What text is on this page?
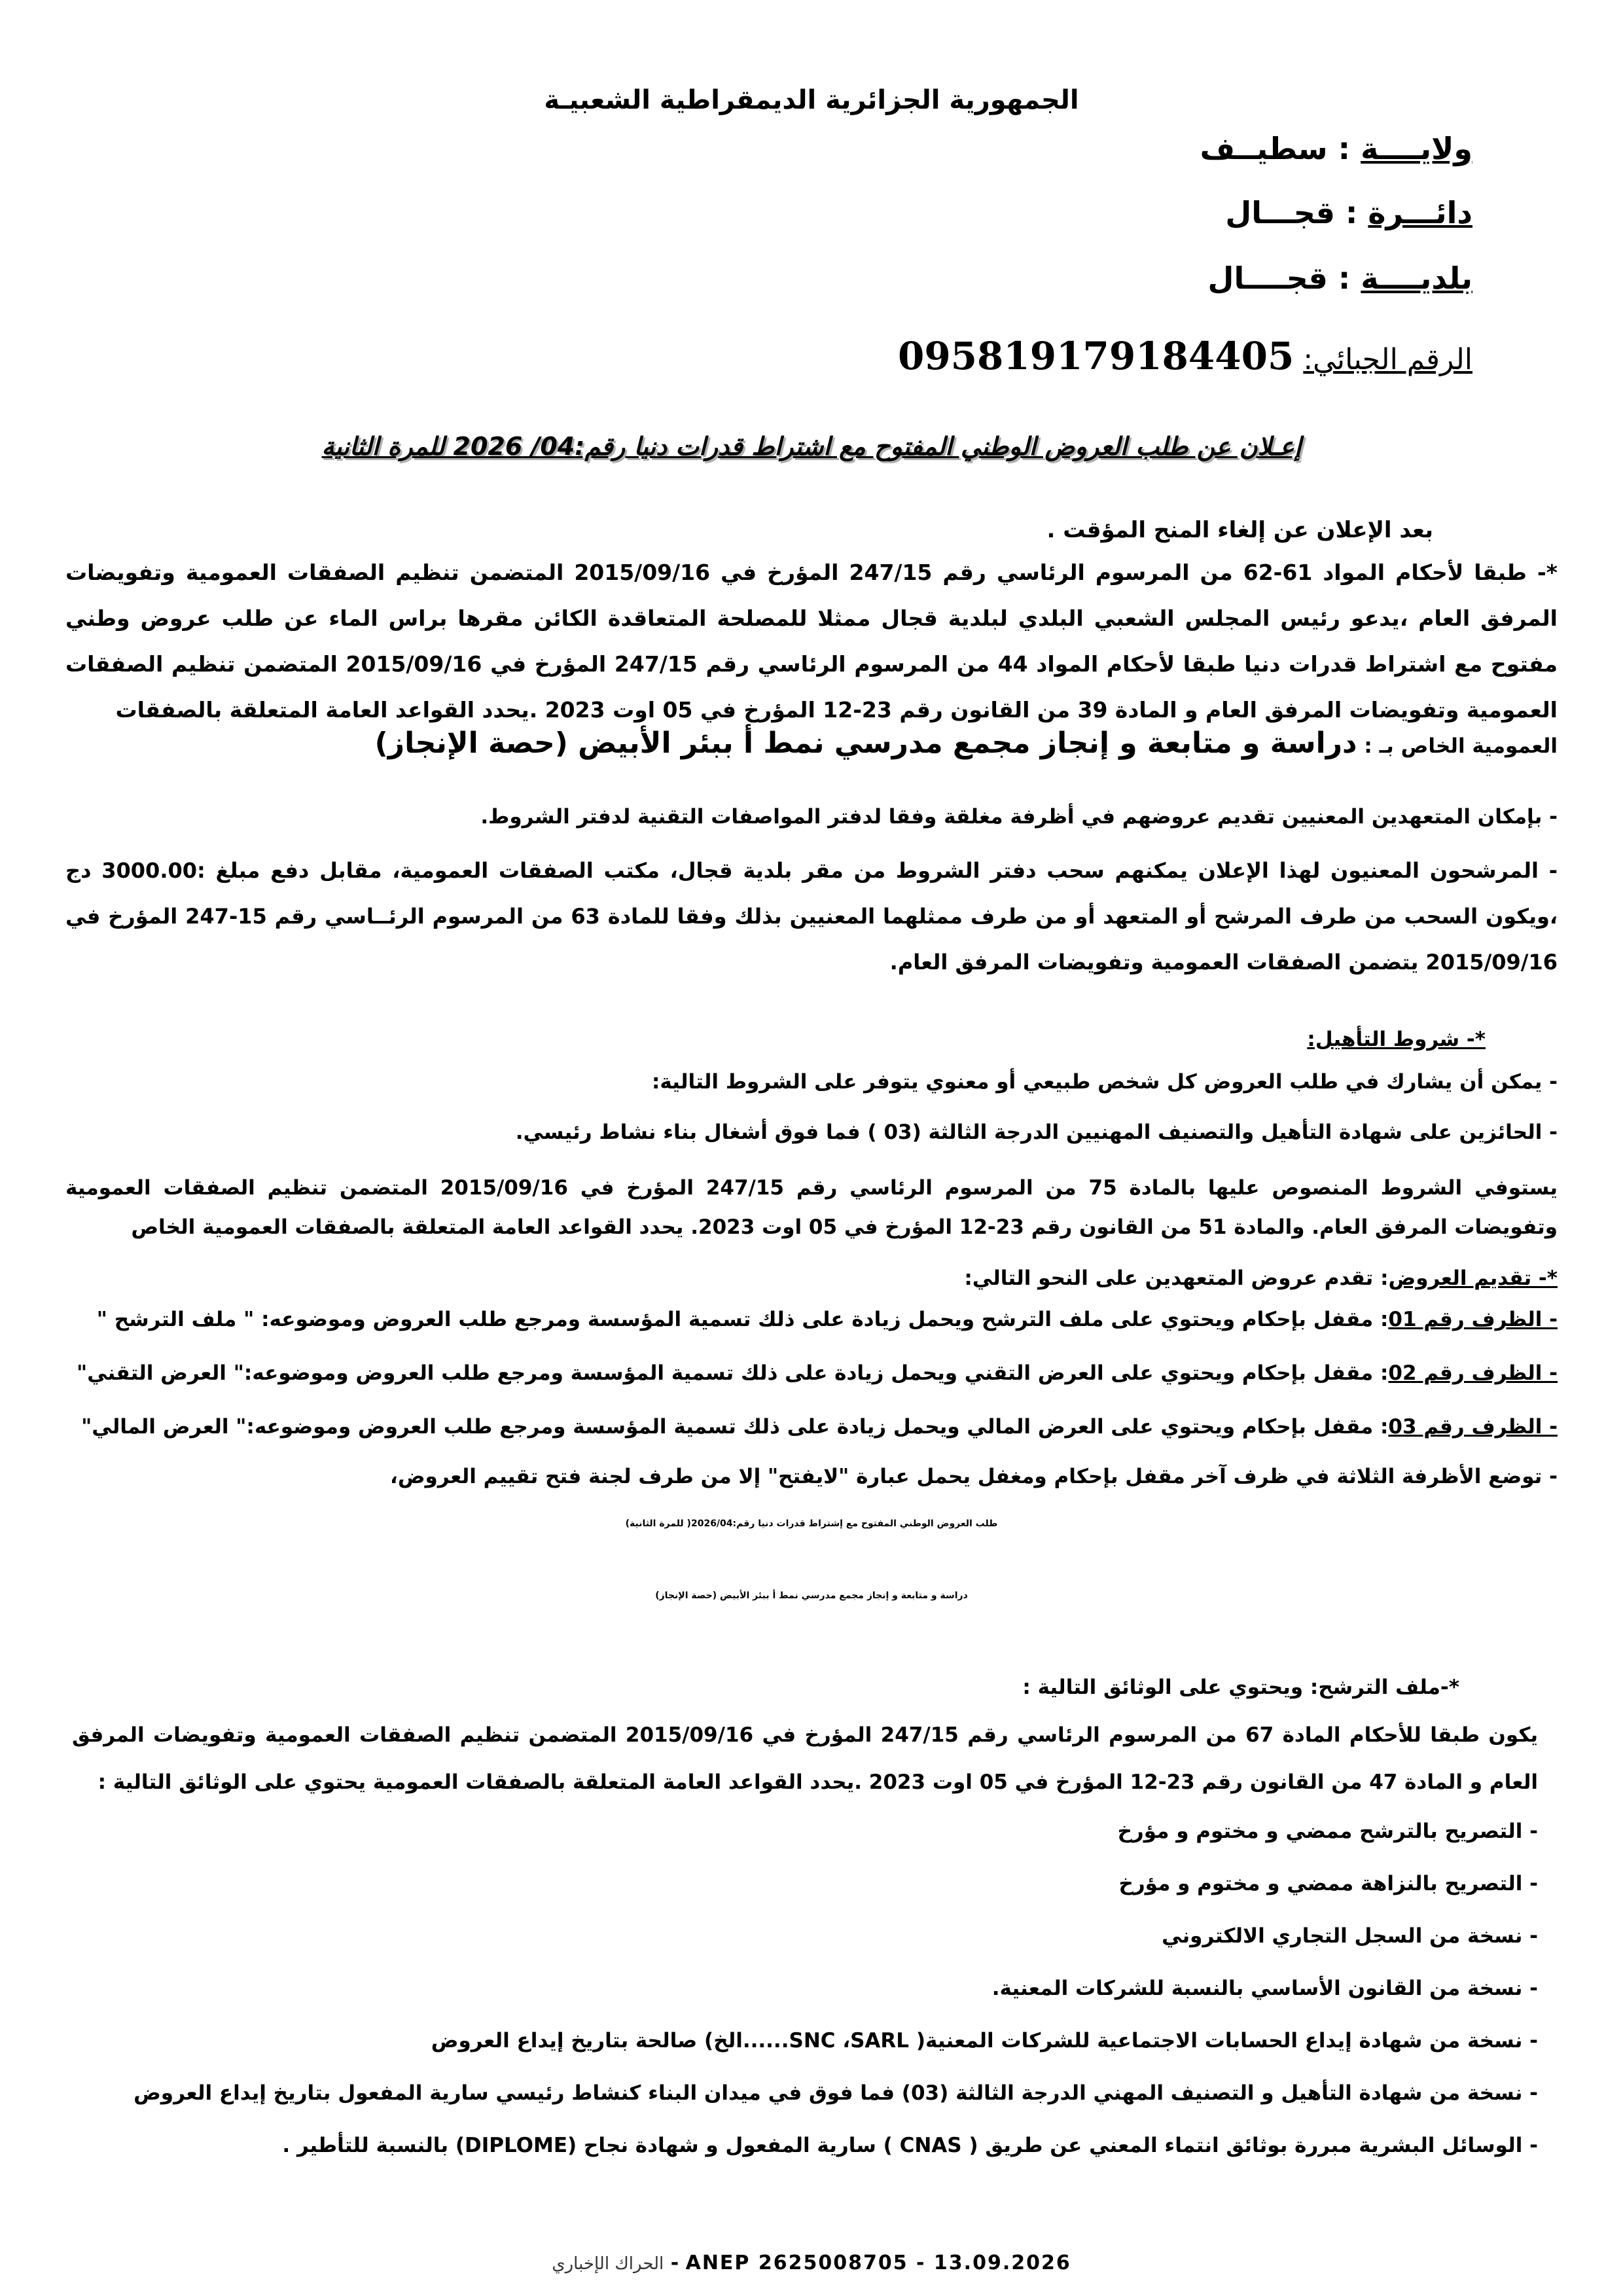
الجمهورية الجزائرية الديمقراطية الشعبيـة
ولايــــة : سطيــف
دائـــرة : قجـــال
بلديــــة : قجــــال
الرقم الجبائي: 095819179184405
إعـلان عن طلب العروض الوطني المفتوح مع اشتراط قدرات دنيا رقم:04/ 2026 للمرة الثانية
بعد الإعلان عن إلغاء المنح المؤقت .
*- طبقا لأحكام المواد 61-62 من المرسوم الرئاسي رقم 247/15 المؤرخ في 2015/09/16 المتضمن تنظيم الصفقات العمومية وتفويضات المرفق العام ،يدعو رئيس المجلس الشعبي البلدي لبلدية قجال ممثلا للمصلحة المتعاقدة الكائن مقرها براس الماء عن طلب عروض وطني مفتوح مع اشتراط قدرات دنيا طبقا لأحكام المواد 44 من المرسوم الرئاسي رقم 247/15 المؤرخ في 2015/09/16 المتضمن تنظيم الصفقات العمومية وتفويضات المرفق العام و المادة 39 من القانون رقم 23-12 المؤرخ في 05 اوت 2023 .يحدد القواعد العامة المتعلقة بالصفقات
العمومية الخاص بـ : دراسة و متابعة و إنجاز مجمع مدرسي نمط أ ببئر الأبيض (حصة الإنجاز)
- بإمكان المتعهدين المعنيين تقديم عروضهم في أظرفة مغلقة وفقا لدفتر المواصفات التقنية لدفتر الشروط.
- المرشحون المعنيون لهذا الإعلان يمكنهم سحب دفتر الشروط من مقر بلدية قجال، مكتب الصفقات العمومية، مقابل دفع مبلغ :3000.00 دج ،ويكون السحب من طرف المرشح أو المتعهد أو من طرف ممثلهما المعنيين بذلك وفقا للمادة 63 من المرسوم الرئــاسي رقم 15-247 المؤرخ في 2015/09/16 يتضمن الصفقات العمومية وتفويضات المرفق العام.
*- شروط التأهيل:
- يمكن أن يشارك في طلب العروض كل شخص طبيعي أو معنوي يتوفر على الشروط التالية:
- الحائزين على شهادة التأهيل والتصنيف المهنيين الدرجة الثالثة (03 ) فما فوق أشغال بناء نشاط رئيسي.
يستوفي الشروط المنصوص عليها بالمادة 75 من المرسوم الرئاسي رقم 247/15 المؤرخ في 2015/09/16 المتضمن تنظيم الصفقات العمومية وتفويضات المرفق العام. والمادة 51 من القانون رقم 23-12 المؤرخ في 05 اوت 2023. يحدد القواعد العامة المتعلقة بالصفقات العمومية الخاص
*- تقديم العروض: تقدم عروض المتعهدين على النحو التالي:
- الظرف رقم 01: مقفل بإحكام ويحتوي على ملف الترشح ويحمل زيادة على ذلك تسمية المؤسسة ومرجع طلب العروض وموضوعه: " ملف الترشح "
- الظرف رقم 02: مقفل بإحكام ويحتوي على العرض التقني ويحمل زيادة على ذلك تسمية المؤسسة ومرجع طلب العروض وموضوعه:" العرض التقني"
- الظرف رقم 03: مقفل بإحكام ويحتوي على العرض المالي ويحمل زيادة على ذلك تسمية المؤسسة ومرجع طلب العروض وموضوعه:" العرض المالي"
- توضع الأظرفة الثلاثة في ظرف آخر مقفل بإحكام ومغفل يحمل عبارة "لايفتح" إلا من طرف لجنة فتح تقييم العروض،
طلب العروض الوطني المفتوح مع إشتراط قدرات دنيا رقم:2026/04( للمرة الثانية)
دراسة و متابعة و إنجاز مجمع مدرسي نمط أ ببئر الأبيض (حصة الإنجاز)
*-ملف الترشح: ويحتوي على الوثائق التالية :
يكون طبقا للأحكام المادة 67 من المرسوم الرئاسي رقم 247/15 المؤرخ في 2015/09/16 المتضمن تنظيم الصفقات العمومية وتفويضات المرفق العام و المادة 47 من القانون رقم 23-12 المؤرخ في 05 اوت 2023 .يحدد القواعد العامة المتعلقة بالصفقات العمومية يحتوي على الوثائق التالية :
- التصريح بالترشح ممضي و مختوم و مؤرخ
- التصريح بالنزاهة ممضي و مختوم و مؤرخ
- نسخة من السجل التجاري الالكتروني
- نسخة من القانون الأساسي بالنسبة للشركات المعنية.
- نسخة من شهادة إيداع الحسابات الاجتماعية للشركات المعنية( SNC ،SARL......الخ) صالحة بتاريخ إيداع العروض
- نسخة من شهادة التأهيل و التصنيف المهني الدرجة الثالثة (03) فما فوق في ميدان البناء كنشاط رئيسي سارية المفعول بتاريخ إيداع العروض
- الوسائل البشرية مبررة بوثائق انتماء المعني عن طريق ( CNAS ) سارية المفعول و شهادة نجاح (DIPLOME) بالنسبة للتأطير .
الحراك الإخباري - ANEP 2625008705 - 13.09.2026
